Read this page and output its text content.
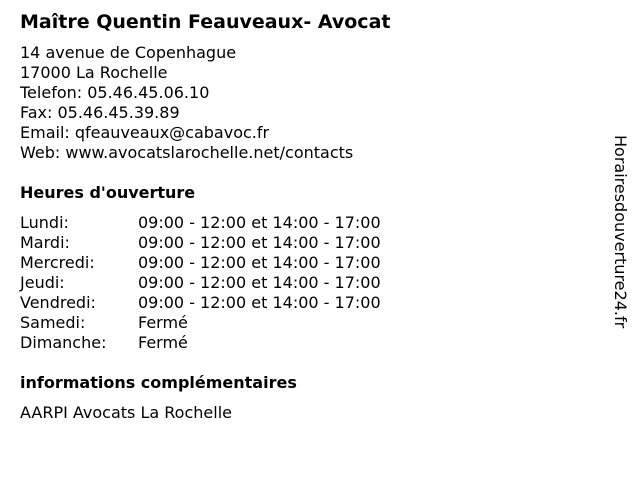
Maître Quentin Feauveaux- Avocat
14 avenue de Copenhague
17000 La Rochelle
Telefon: 05.46.45.06.10
Fax: 05.46.45.39.89
Email: qfeauveaux@cabavoc.fr
Web: www.avocatslarochelle.net/contacts
Heures d'ouverture
Lundi:	09:00 - 12:00 et 14:00 - 17:00
Mardi:	09:00 - 12:00 et 14:00 - 17:00
Mercredi:	09:00 - 12:00 et 14:00 - 17:00
Jeudi:	09:00 - 12:00 et 14:00 - 17:00
Vendredi:	09:00 - 12:00 et 14:00 - 17:00
Samedi:	Fermé
Dimanche:	Fermé
informations complémentaires
AARPI Avocats La Rochelle
Horairesdouverture24.fr
